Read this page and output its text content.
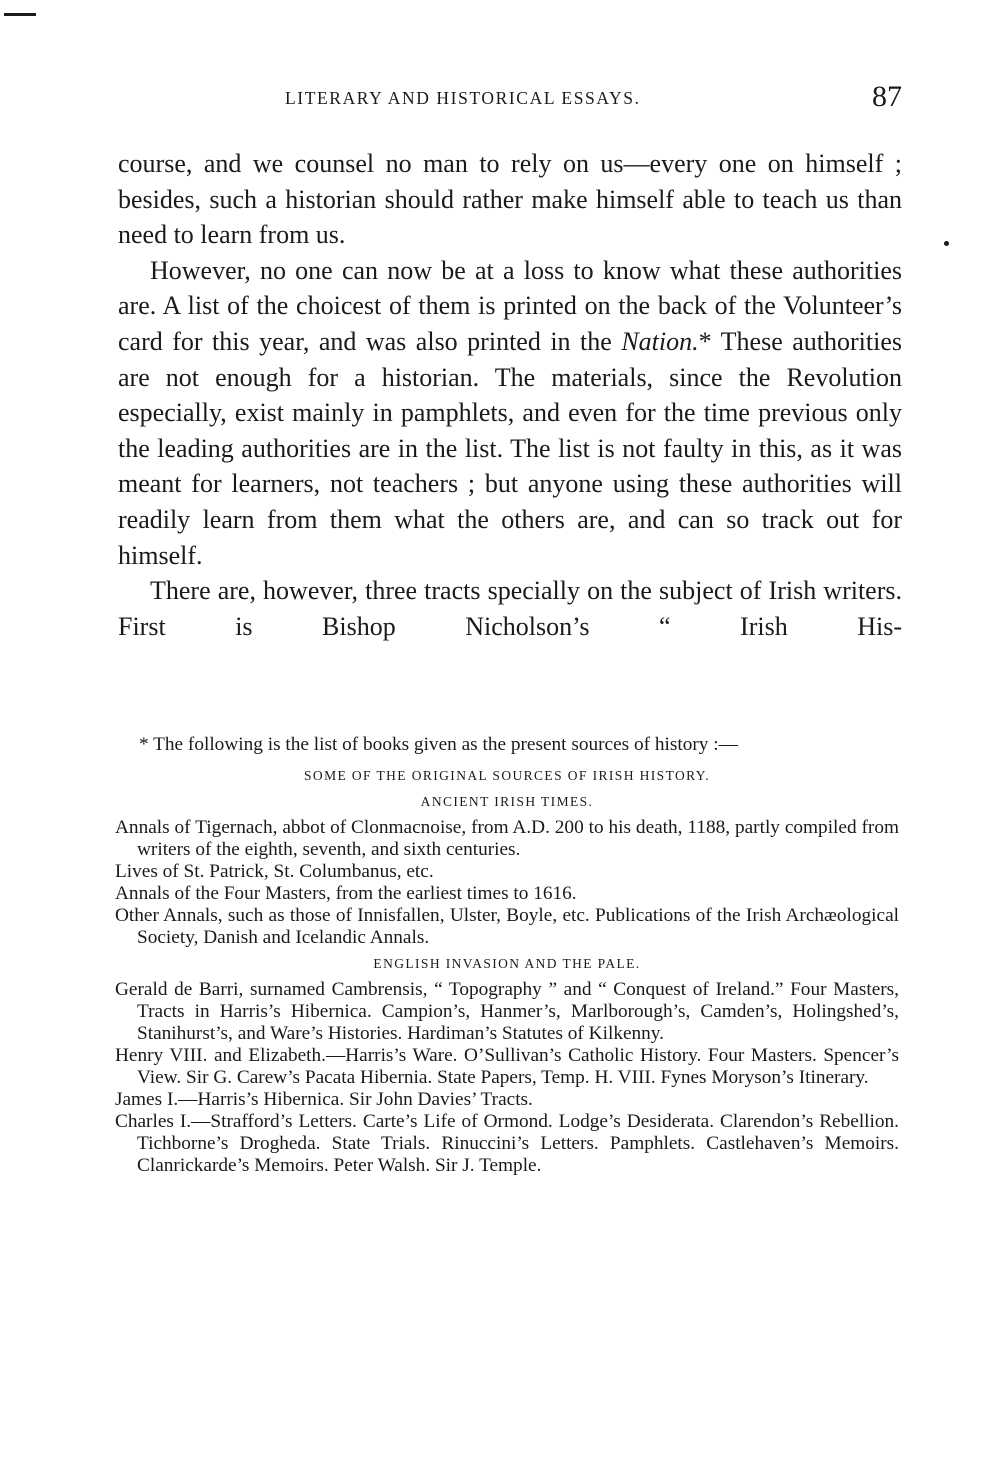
LITERARY AND HISTORICAL ESSAYS.	87

course, and we counsel no man to rely on us—every one on himself ; besides, such a historian should rather make himself able to teach us than need to learn from us.

However, no one can now be at a loss to know what these authorities are. A list of the choicest of them is printed on the back of the Volunteer’s card for this year, and was also printed in the Nation.* These authorities are not enough for a historian. The materials, since the Revolution especially, exist mainly in pamphlets, and even for the time previous only the leading authorities are in the list. The list is not faulty in this, as it was meant for learners, not teachers ; but anyone using these authorities will readily learn from them what the others are, and can so track out for himself.

There are, however, three tracts specially on the subject of Irish writers. First is Bishop Nicholson’s “ Irish His-

* The following is the list of books given as the present sources of history :—

SOME OF THE ORIGINAL SOURCES OF IRISH HISTORY.
ANCIENT IRISH TIMES.

Annals of Tigernach, abbot of Clonmacnoise, from A.D. 200 to his death, 1188, partly compiled from writers of the eighth, seventh, and sixth centuries.

Lives of St. Patrick, St. Columbanus, etc.

Annals of the Four Masters, from the earliest times to 1616.

Other Annals, such as those of Innisfallen, Ulster, Boyle, etc. Publications of the Irish Archæological Society, Danish and Icelandic Annals.

ENGLISH INVASION AND THE PALE.

Gerald de Barri, surnamed Cambrensis, “ Topography ” and “ Conquest of Ireland.” Four Masters, Tracts in Harris’s Hibernica. Campion’s, Hanmer’s, Marlborough’s, Camden’s, Holingshed’s, Stanihurst’s, and Ware’s Histories. Hardiman’s Statutes of Kilkenny.

Henry VIII. and Elizabeth.—Harris’s Ware. O’Sullivan’s Catholic History. Four Masters. Spencer’s View. Sir G. Carew’s Pacata Hibernia. State Papers, Temp. H. VIII. Fynes Moryson’s Itinerary.

James I.—Harris’s Hibernica. Sir John Davies’ Tracts.

Charles I.—Strafford’s Letters. Carte’s Life of Ormond. Lodge’s Desiderata. Clarendon’s Rebellion. Tichborne’s Drogheda. State Trials. Rinuccini’s Letters. Pamphlets. Castlehaven’s Memoirs. Clanrickarde’s Memoirs. Peter Walsh. Sir J. Temple.
